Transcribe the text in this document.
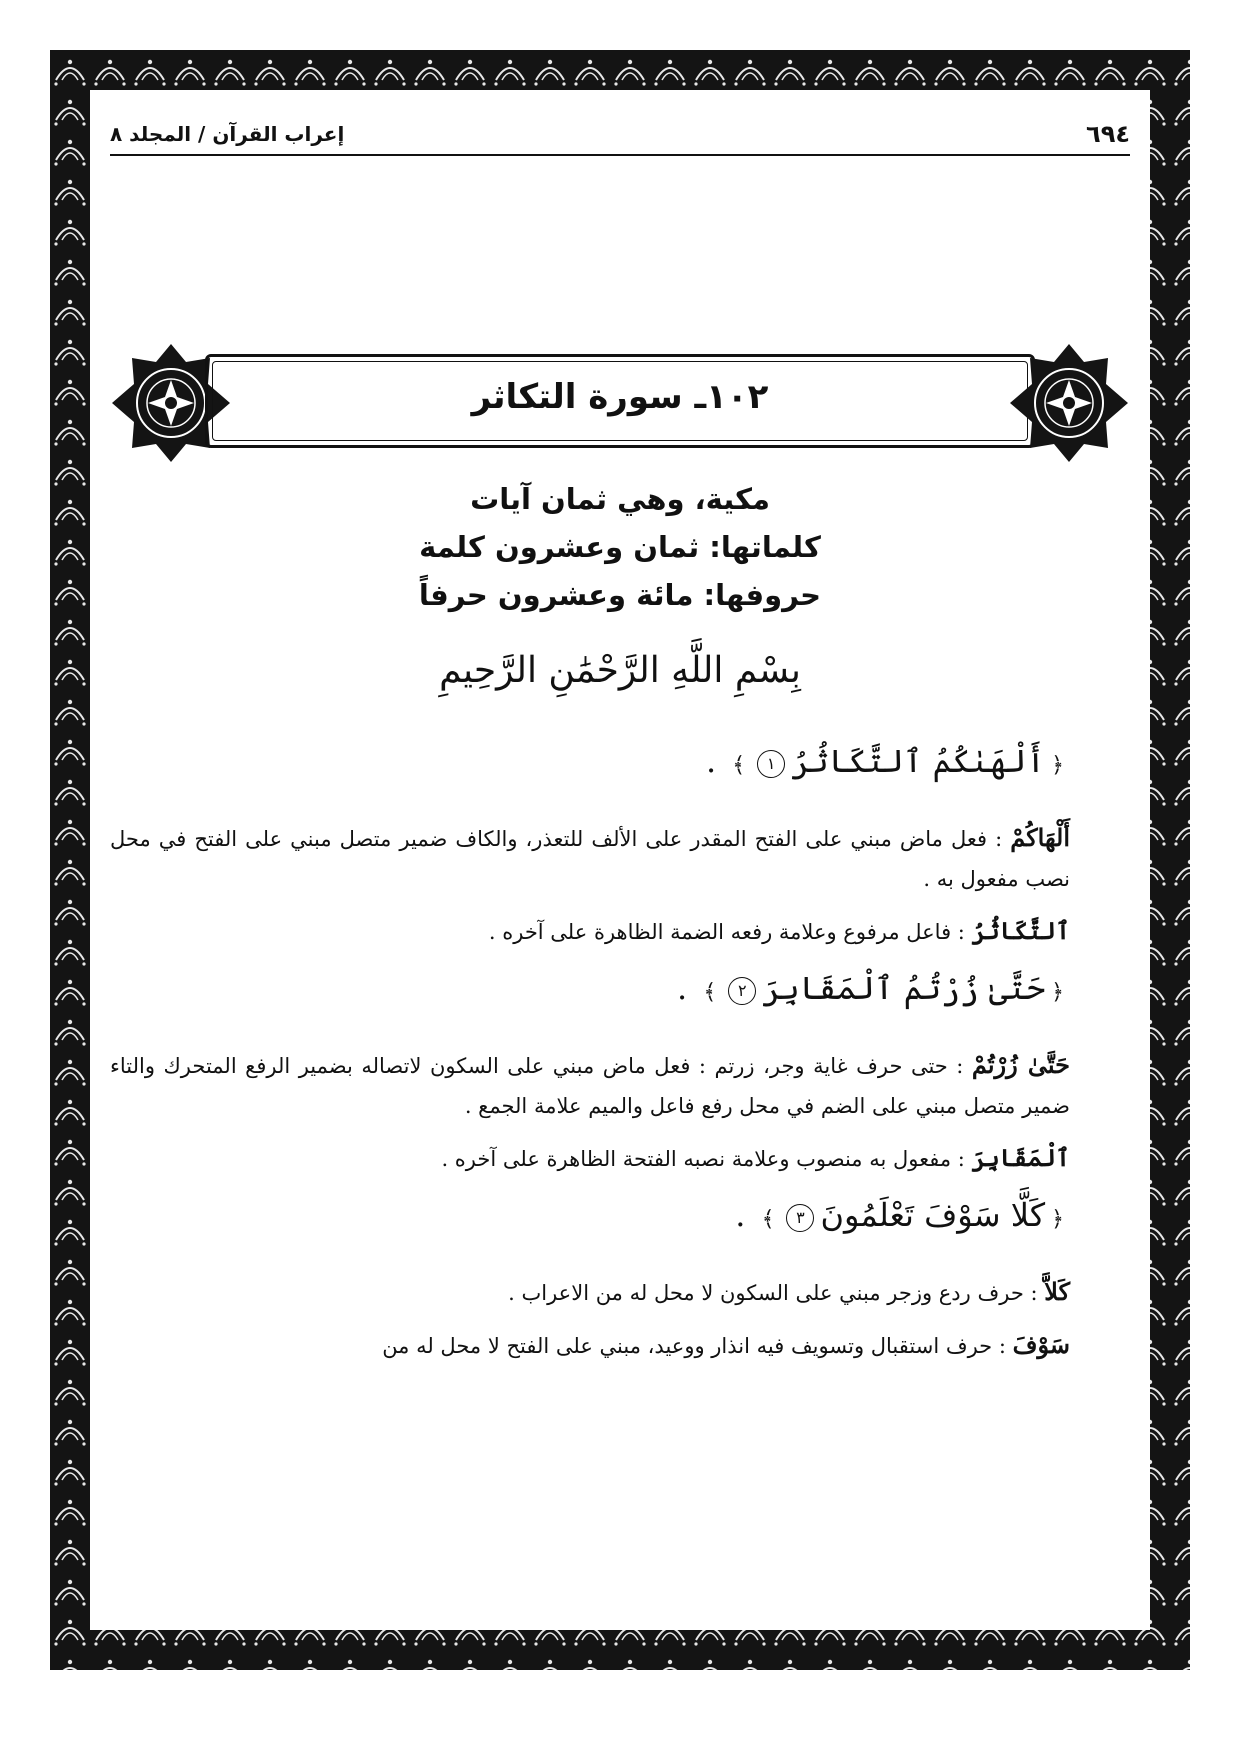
٦٩٤
إعراب القرآن / المجلد ٨
١٠٢ـ سورة التكاثر
مكية، وهي ثمان آيات
كلماتها: ثمان وعشرون كلمة
حروفها: مائة وعشرون حرفاً
بِسْمِ اللَّهِ الرَّحْمَٰنِ الرَّحِيمِ
﴿أَلْهَىٰكُمُ ٱلتَّكَاثُرُ١﴾ .

أَلْهَاكُمْ : فعل ماض مبني على الفتح المقدر على الألف للتعذر، والكاف ضمير متصل مبني على الفتح في محل نصب مفعول به .

ٱلتَّكَاثُرُ : فاعل مرفوع وعلامة رفعه الضمة الظاهرة على آخره .

﴿حَتَّىٰ زُرْتُمُ ٱلْمَقَابِرَ٢﴾ .

حَتَّىٰ زُرْتُمْ : حتى حرف غاية وجر، زرتم : فعل ماض مبني على السكون لاتصاله بضمير الرفع المتحرك والتاء ضمير متصل مبني على الضم في محل رفع فاعل والميم علامة الجمع .

ٱلْمَقَابِرَ : مفعول به منصوب وعلامة نصبه الفتحة الظاهرة على آخره .

﴿كَلَّا سَوْفَ تَعْلَمُونَ٣﴾ .

كَلاَّ : حرف ردع وزجر مبني على السكون لا محل له من الاعراب .

سَوْفَ : حرف استقبال وتسويف فيه انذار ووعيد، مبني على الفتح لا محل له من
